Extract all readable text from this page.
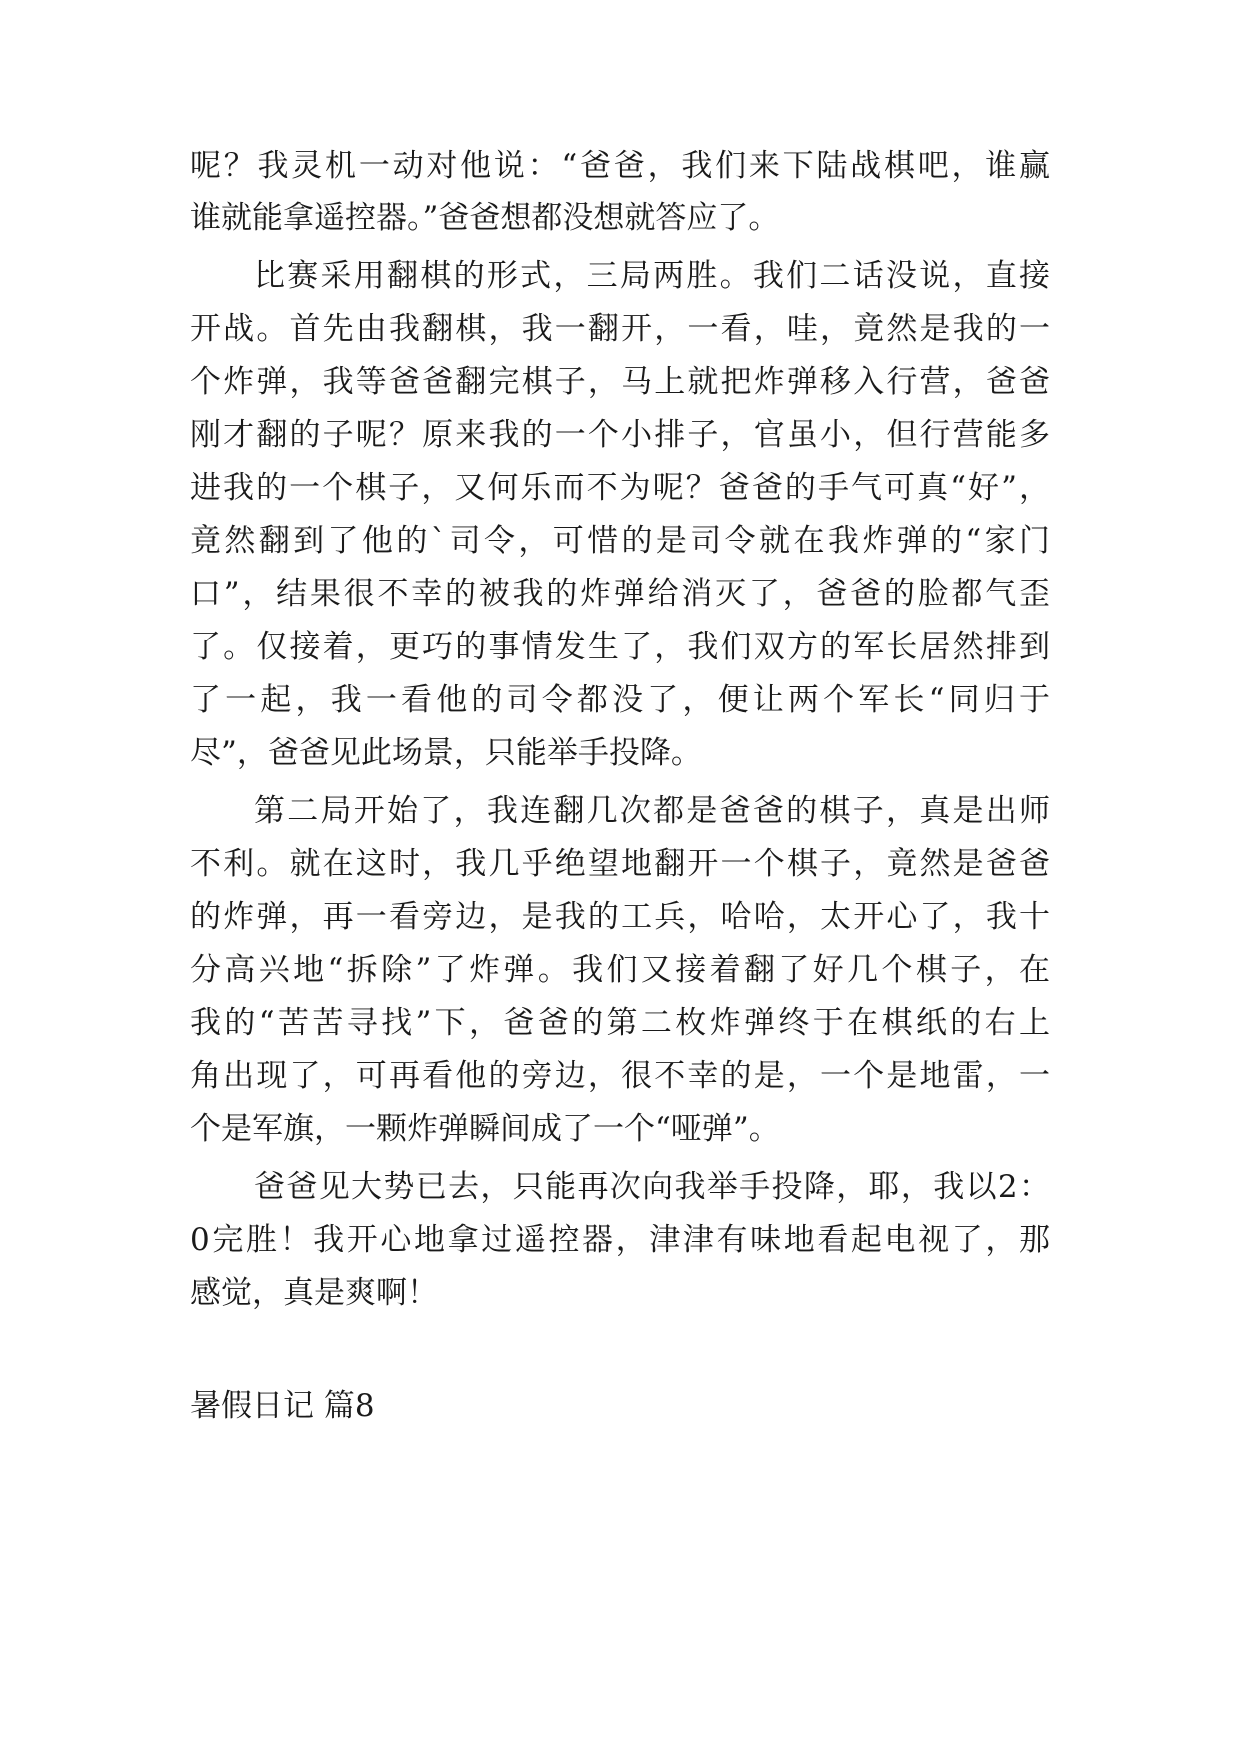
呢？我灵机一动对他说：“爸爸，我们来下陆战棋吧，谁赢
谁就能拿遥控器。”爸爸想都没想就答应了。
比赛采用翻棋的形式，三局两胜。我们二话没说，直接
开战。首先由我翻棋，我一翻开，一看，哇，竟然是我的一
个炸弹，我等爸爸翻完棋子，马上就把炸弹移入行营，爸爸
刚才翻的子呢？原来我的一个小排子，官虽小，但行营能多
进我的一个棋子，又何乐而不为呢？爸爸的手气可真“好”，
竟然翻到了他的`司令，可惜的是司令就在我炸弹的“家门
口”，结果很不幸的被我的炸弹给消灭了，爸爸的脸都气歪
了。仅接着，更巧的事情发生了，我们双方的军长居然排到
了一起，我一看他的司令都没了，便让两个军长“同归于
尽”，爸爸见此场景，只能举手投降。
第二局开始了，我连翻几次都是爸爸的棋子，真是出师
不利。就在这时，我几乎绝望地翻开一个棋子，竟然是爸爸
的炸弹，再一看旁边，是我的工兵，哈哈，太开心了，我十
分高兴地“拆除”了炸弹。我们又接着翻了好几个棋子，在
我的“苦苦寻找”下，爸爸的第二枚炸弹终于在棋纸的右上
角出现了，可再看他的旁边，很不幸的是，一个是地雷，一
个是军旗，一颗炸弹瞬间成了一个“哑弹”。
爸爸见大势已去，只能再次向我举手投降，耶，我以2：
0完胜！我开心地拿过遥控器，津津有味地看起电视了，那
感觉，真是爽啊！
暑假日记 篇8
